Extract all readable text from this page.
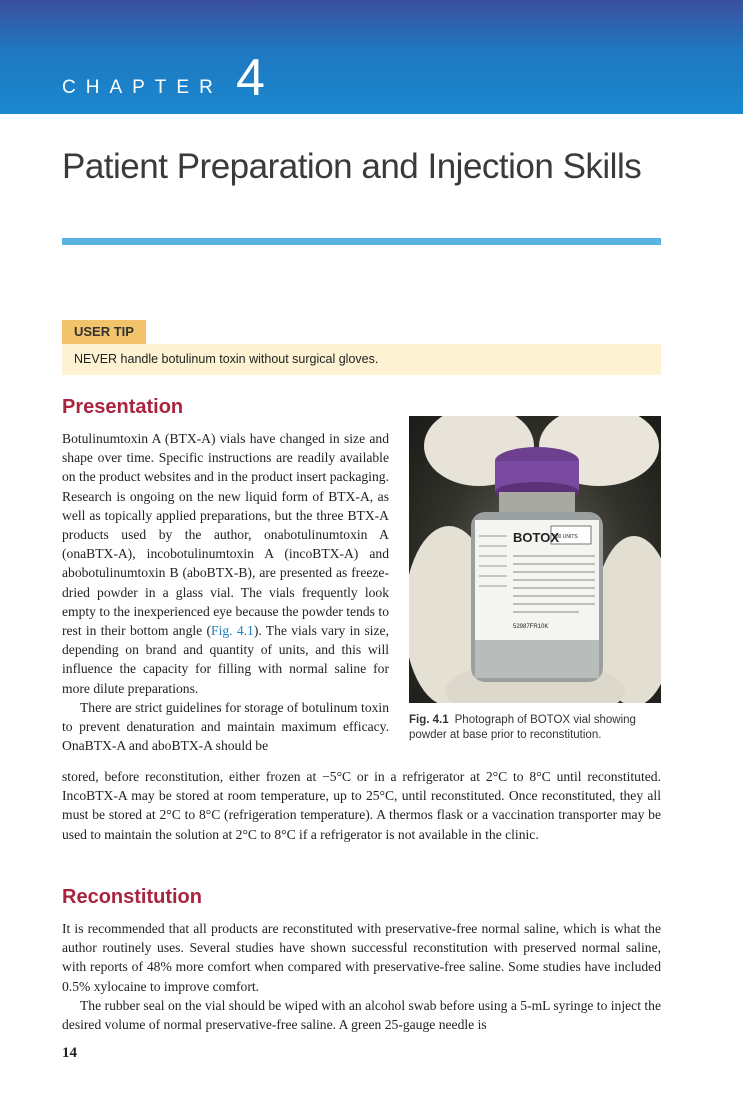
CHAPTER 4
Patient Preparation and Injection Skills
USER TIP
NEVER handle botulinum toxin without surgical gloves.
Presentation

Botulinumtoxin A (BTX-A) vials have changed in size and shape over time. Specific instructions are readily available on the product websites and in the product insert packaging. Research is ongoing on the new liquid form of BTX-A, as well as topically applied preparations, but the three BTX-A products used by the author, onabotulinumtoxin A (onaBTX-A), incobotulinumtoxin A (incoBTX-A) and abobotulinumtoxin B (aboBTX-B), are presented as freeze-dried powder in a glass vial. The vials frequently look empty to the inexperienced eye because the powder tends to rest in their bottom angle (Fig. 4.1). The vials vary in size, depending on brand and quantity of units, and this will influence the capacity for filling with normal saline for more dilute preparations.

There are strict guidelines for storage of botulinum toxin to prevent denaturation and maintain maximum efficacy. OnaBTX-A and aboBTX-A should be

BOTOX
100 UNITS
52987FR10K
Fig. 4.1 Photograph of BOTOX vial showing powder at base prior to reconstitution.
stored, before reconstitution, either frozen at −5°C or in a refrigerator at 2°C to 8°C until reconstituted. IncoBTX-A may be stored at room temperature, up to 25°C, until reconstituted. Once reconstituted, they all must be stored at 2°C to 8°C (refrigeration temperature). A thermos flask or a vaccination transporter may be used to maintain the solution at 2°C to 8°C if a refrigerator is not available in the clinic.
Reconstitution

It is recommended that all products are reconstituted with preservative-free normal saline, which is what the author routinely uses. Several studies have shown successful reconstitution with preserved normal saline, with reports of 48% more comfort when compared with preservative-free saline. Some studies have included 0.5% xylocaine to improve comfort.

The rubber seal on the vial should be wiped with an alcohol swab before using a 5-mL syringe to inject the desired volume of normal preservative-free saline. A green 25-gauge needle is

14
